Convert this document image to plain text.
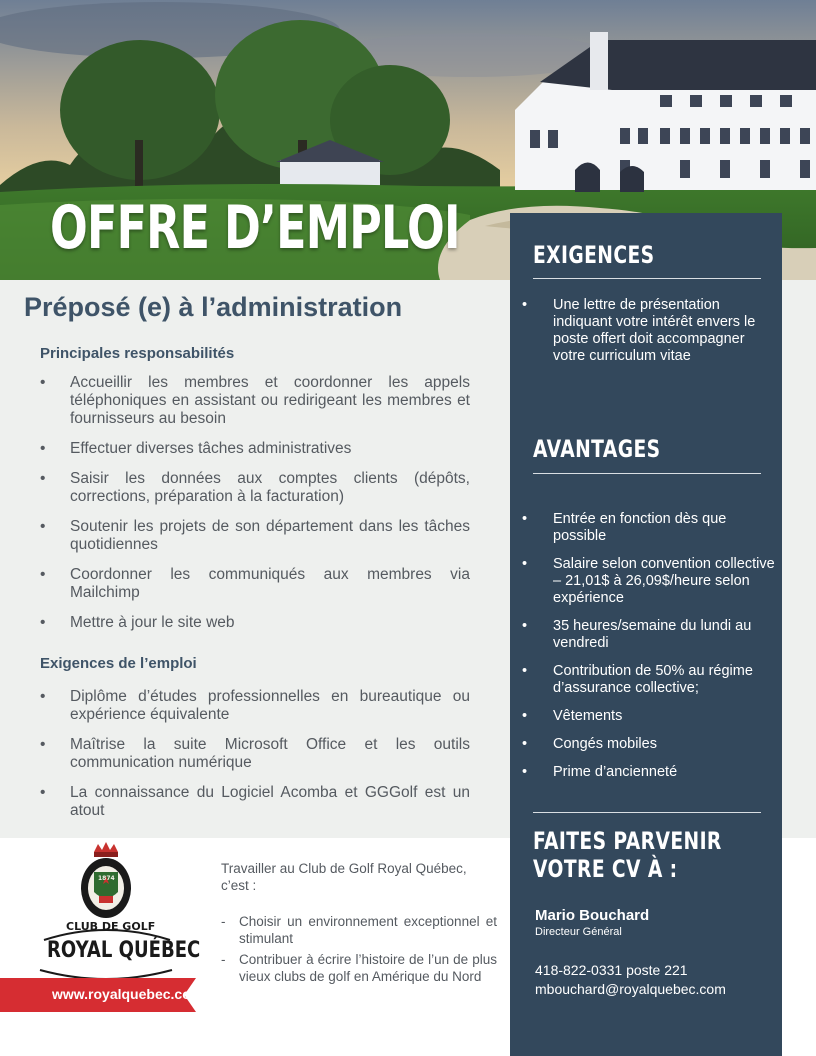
OFFRE D’EMPLOI
Préposé (e) à l’administration
Principales responsabilités
• Accueillir les membres et coordonner les appels téléphoniques en assistant ou redirigeant les membres et fournisseurs au besoin
• Effectuer diverses tâches administratives
• Saisir les données aux comptes clients (dépôts, corrections, préparation à la facturation)
• Soutenir les projets de son département dans les tâches quotidiennes
• Coordonner les communiqués aux membres via Mailchimp
• Mettre à jour le site web
Exigences de l’emploi
• Diplôme d’études professionnelles en bureautique ou expérience équivalente
• Maîtrise la suite Microsoft Office et les outils communication numérique
• La connaissance du Logiciel Acomba et GGGolf est un atout
1874
CLUB DE GOLF
ROYAL QUÉBEC
www.royalquebec.com

Travailler au Club de Golf Royal Québec, c’est :

- Choisir un environnement exceptionnel et stimulant
- Contribuer à écrire l’histoire de l’un de plus vieux clubs de golf en Amérique du Nord
EXIGENCES
• Une lettre de présentation indiquant votre intérêt envers le poste offert doit accompagner votre curriculum vitae
AVANTAGES
• Entrée en fonction dès que possible
• Salaire selon convention collective – 21,01$ à 26,09$/heure selon expérience
• 35 heures/semaine du lundi au vendredi
• Contribution de 50% au régime d’assurance collective;
• Vêtements
• Congés mobiles
• Prime d’ancienneté
FAITES PARVENIR
VOTRE CV À :
Mario Bouchard
Directeur Général
418-822-0331 poste 221
mbouchard@royalquebec.com
